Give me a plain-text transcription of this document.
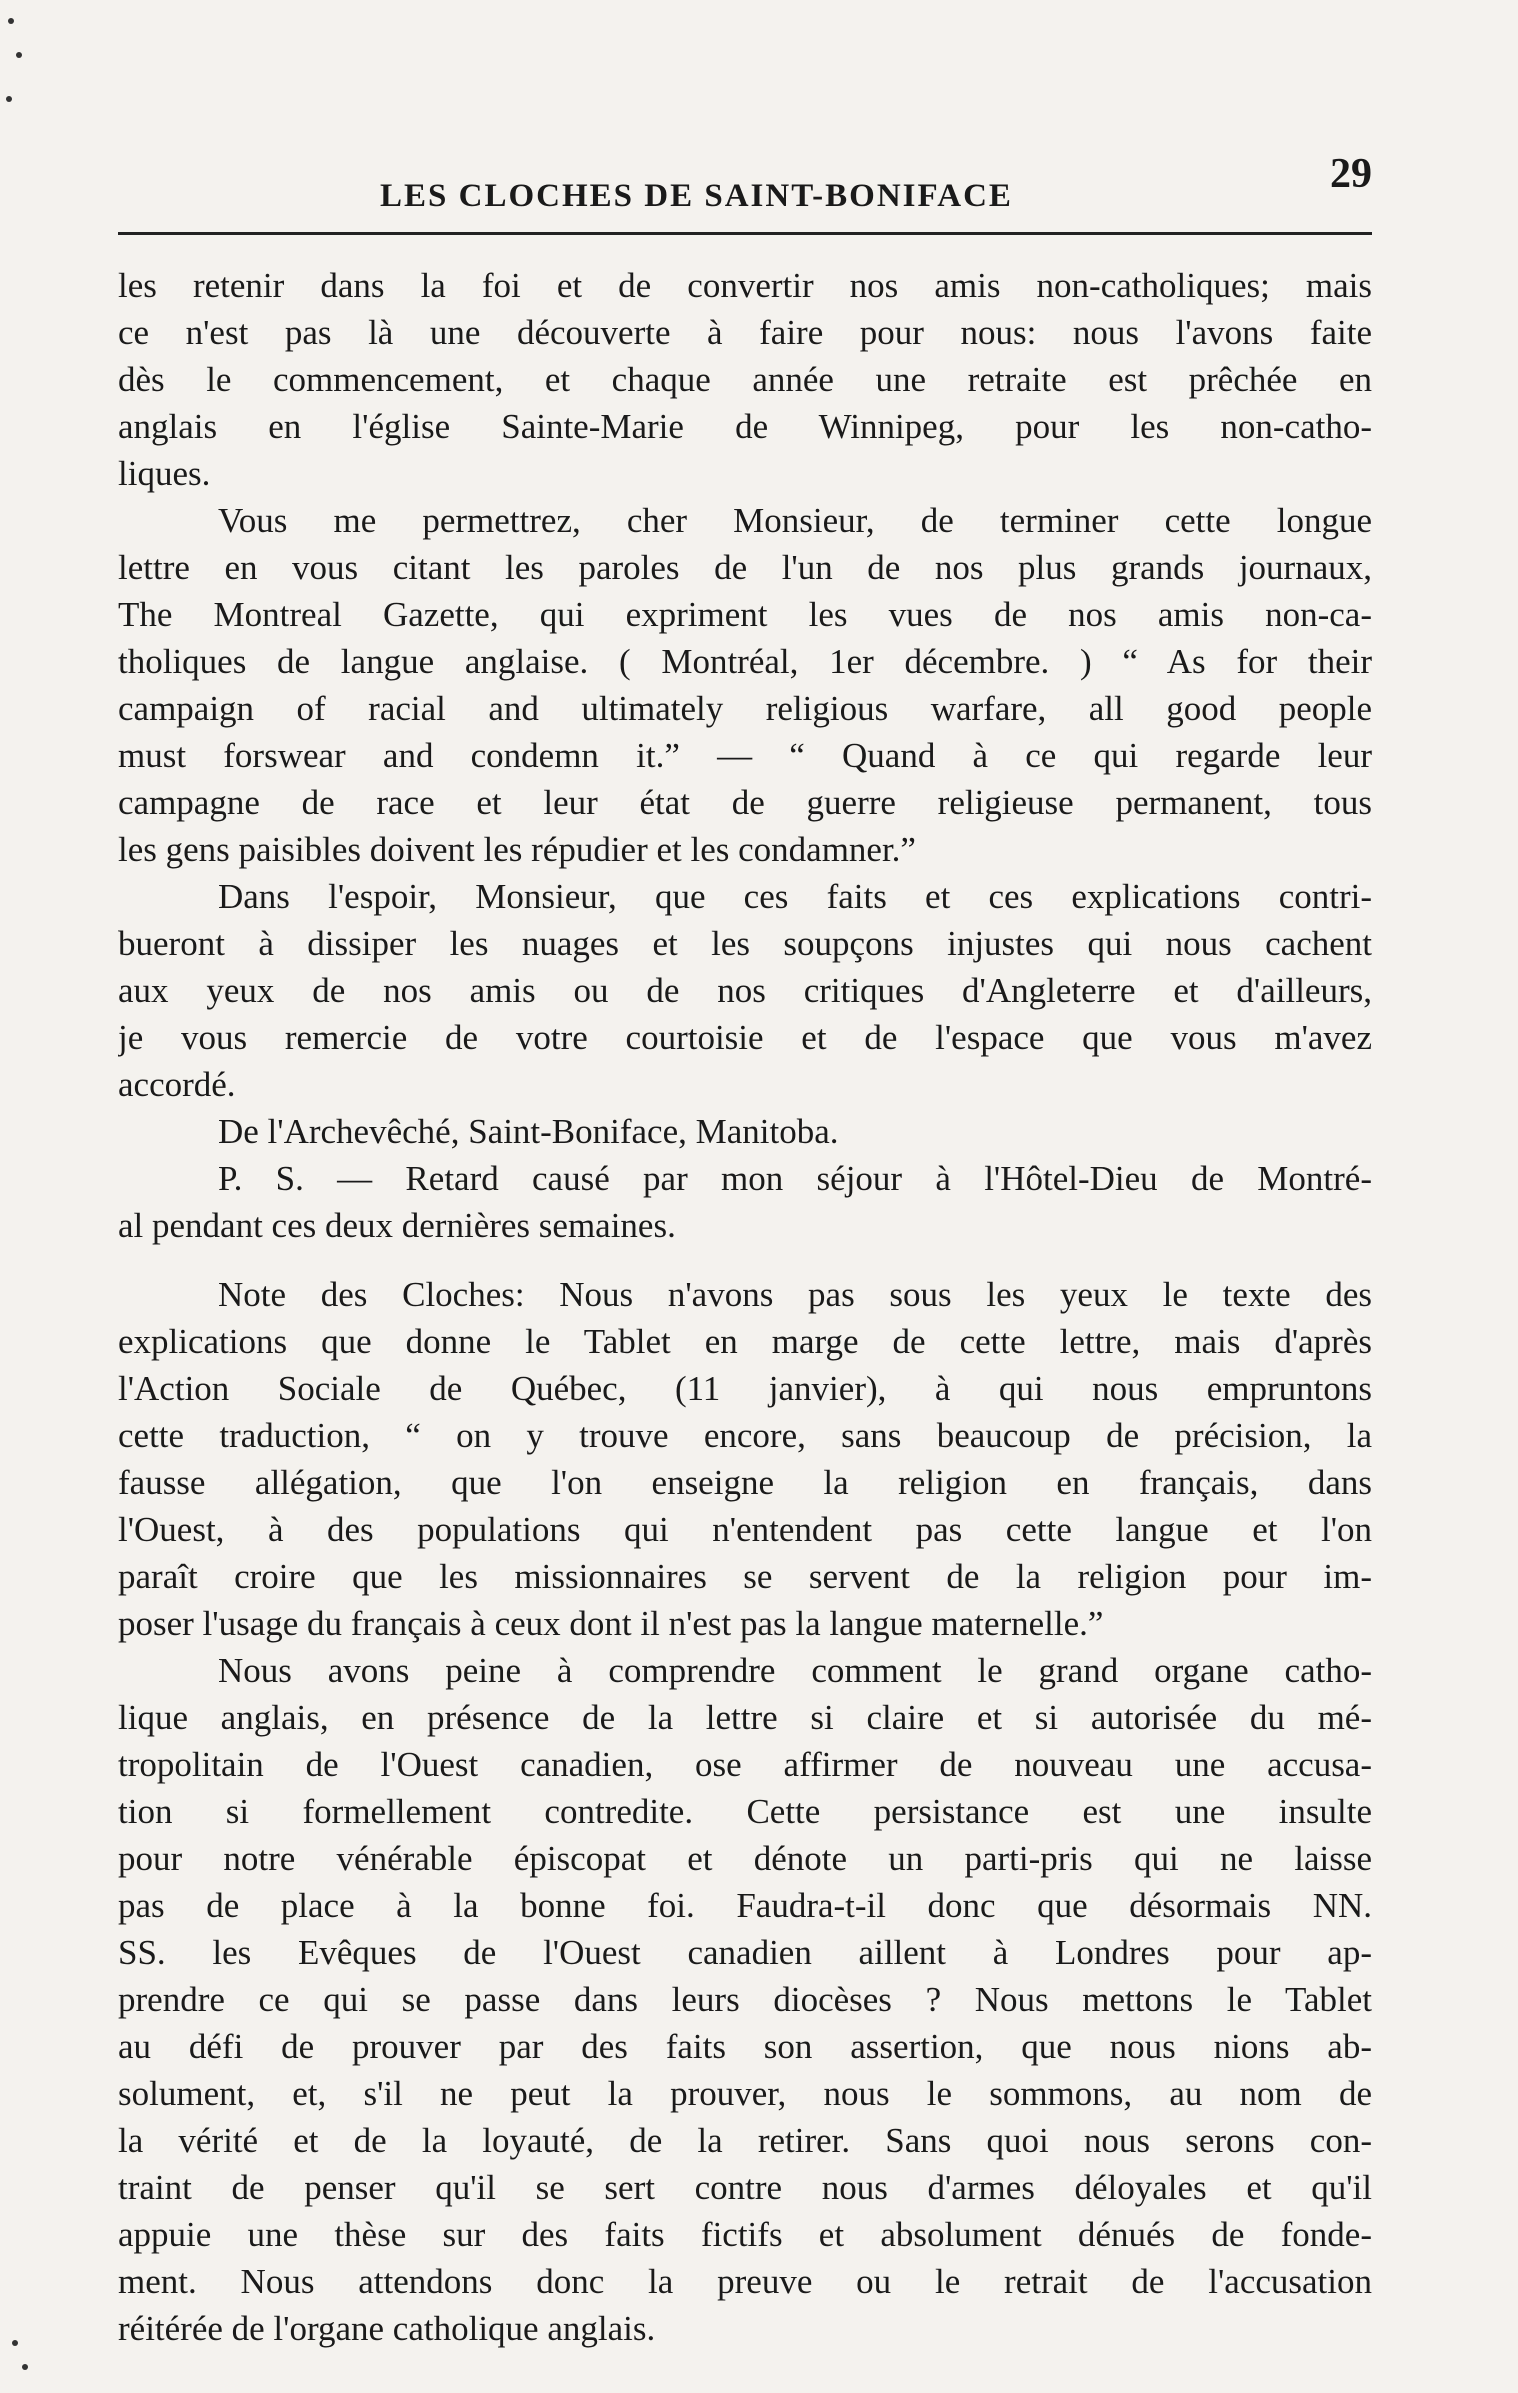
LES CLOCHES DE SAINT-BONIFACE	29
les retenir dans la foi et de convertir nos amis non-catholiques; mais
ce n'est pas là une découverte à faire pour nous: nous l'avons faite
dès le commencement, et chaque année une retraite est prêchée en
anglais en l'église Sainte-Marie de Winnipeg, pour les non-catho-
liques.
Vous me permettrez, cher Monsieur, de terminer cette longue
lettre en vous citant les paroles de l'un de nos plus grands journaux,
The Montreal Gazette, qui expriment les vues de nos amis non-ca-
tholiques de langue anglaise. ( Montréal, 1er décembre. ) “ As for their
campaign of racial and ultimately religious warfare, all good people
must forswear and condemn it.” — “ Quand à ce qui regarde leur
campagne de race et leur état de guerre religieuse permanent, tous
les gens paisibles doivent les répudier et les condamner.”
Dans l'espoir, Monsieur, que ces faits et ces explications contri-
bueront à dissiper les nuages et les soupçons injustes qui nous cachent
aux yeux de nos amis ou de nos critiques d'Angleterre et d'ailleurs,
je vous remercie de votre courtoisie et de l'espace que vous m'avez
accordé.
De l'Archevêché, Saint-Boniface, Manitoba.
P. S. — Retard causé par mon séjour à l'Hôtel-Dieu de Montré-
al pendant ces deux dernières semaines.
Note des Cloches: Nous n'avons pas sous les yeux le texte des
explications que donne le Tablet en marge de cette lettre, mais d'après
l'Action Sociale de Québec, (11 janvier), à qui nous empruntons
cette traduction, “ on y trouve encore, sans beaucoup de précision, la
fausse allégation, que l'on enseigne la religion en français, dans
l'Ouest, à des populations qui n'entendent pas cette langue et l'on
paraît croire que les missionnaires se servent de la religion pour im-
poser l'usage du français à ceux dont il n'est pas la langue maternelle.”
Nous avons peine à comprendre comment le grand organe catho-
lique anglais, en présence de la lettre si claire et si autorisée du mé-
tropolitain de l'Ouest canadien, ose affirmer de nouveau une accusa-
tion si formellement contredite. Cette persistance est une insulte
pour notre vénérable épiscopat et dénote un parti-pris qui ne laisse
pas de place à la bonne foi. Faudra-t-il donc que désormais NN.
SS. les Evêques de l'Ouest canadien aillent à Londres pour ap-
prendre ce qui se passe dans leurs diocèses ? Nous mettons le Tablet
au défi de prouver par des faits son assertion, que nous nions ab-
solument, et, s'il ne peut la prouver, nous le sommons, au nom de
la vérité et de la loyauté, de la retirer. Sans quoi nous serons con-
traint de penser qu'il se sert contre nous d'armes déloyales et qu'il
appuie une thèse sur des faits fictifs et absolument dénués de fonde-
ment. Nous attendons donc la preuve ou le retrait de l'accusation
réitérée de l'organe catholique anglais.
